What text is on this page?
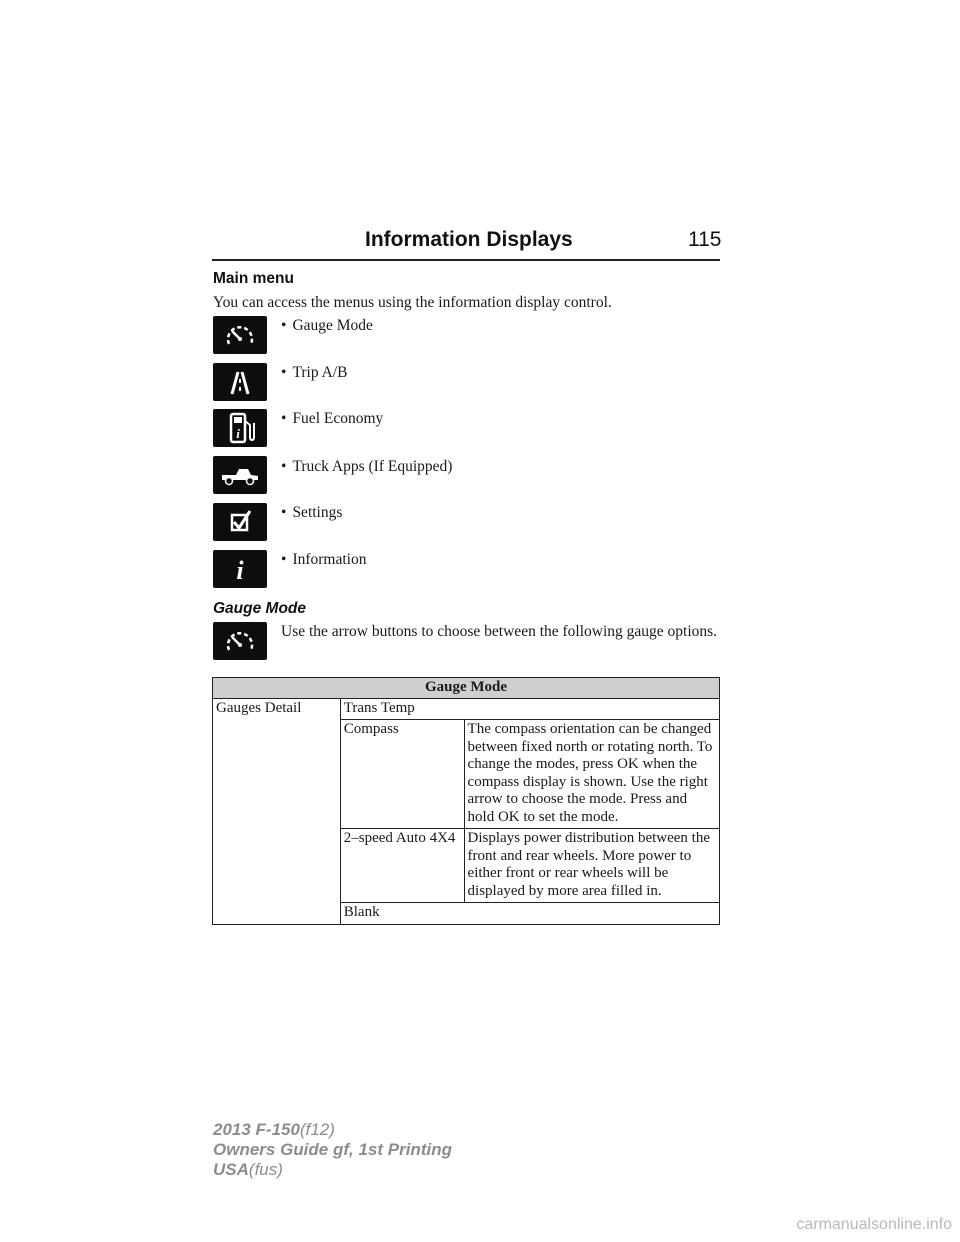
Information Displays	115
Main menu
You can access the menus using the information display control.
• Gauge Mode
• Trip A/B
i
• Fuel Economy
• Truck Apps (If Equipped)
• Settings
i • Information
Gauge Mode
Use the arrow buttons to choose between the following gauge options.
Gauge Mode		
Gauges Detail	Trans Temp	
	Compass	The compass orientation can be changed between fixed north or rotating north. To change the modes, press OK when the compass display is shown. Use the right arrow to choose the mode. Press and hold OK to set the mode.
	2–speed Auto 4X4	Displays power distribution between the front and rear wheels. More power to either front or rear wheels will be displayed by more area filled in.
	Blank	
2013 F-150(f12)
Owners Guide gf, 1st Printing
USA(fus)
carmanualsonline.info
